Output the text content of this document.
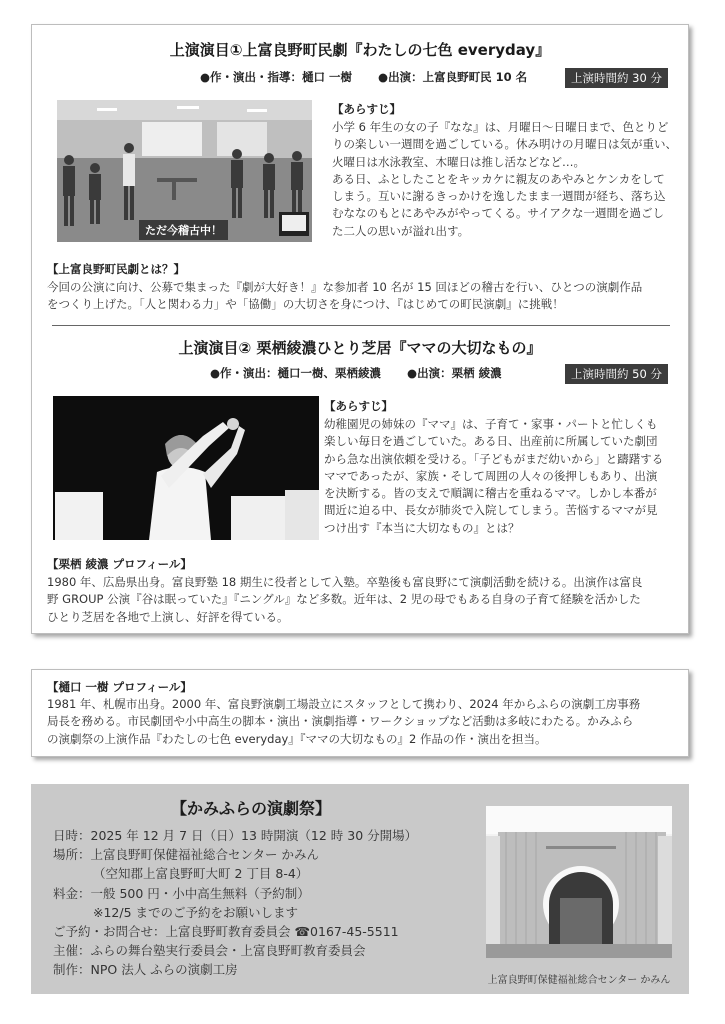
上演演目①上富良野町民劇『わたしの七色 everyday』
●作・演出・指導：樋口 一樹 ●出演：上富良野町民 10 名	上演時間約 30 分
ただ今稽古中！
【あらすじ】

小学 6 年生の女の子『なな』は、月曜日〜日曜日まで、色とりど

りの楽しい一週間を過ごしている。休み明けの月曜日は気が重い、

火曜日は水泳教室、木曜日は推し活などなど…。

ある日、ふとしたことをキッカケに親友のあやみとケンカをして

しまう。互いに謝るきっかけを逸したまま一週間が経ち、落ち込

むななのもとにあやみがやってくる。サイアクな一週間を過ごし

た二人の思いが溢れ出す。

【上富良野町民劇とは？】

今回の公演に向け、公募で集まった『劇が大好き！』な参加者 10 名が 15 回ほどの稽古を行い、ひとつの演劇作品

をつくり上げた。「人と関わる力」や「協働」の大切さを身につけ、『はじめての町民演劇』に挑戦！

上演演目② 栗栖綾濃ひとり芝居『ママの大切なもの』
●作・演出：樋口一樹、栗栖綾濃 ●出演：栗栖 綾濃	上演時間約 50 分
【あらすじ】

幼稚園児の姉妹の『ママ』は、子育て・家事・パートと忙しくも

楽しい毎日を過ごしていた。ある日、出産前に所属していた劇団

から急な出演依頼を受ける。「子どもがまだ幼いから」と躊躇する

ママであったが、家族・そして周囲の人々の後押しもあり、出演

を決断する。皆の支えで順調に稽古を重ねるママ。しかし本番が

間近に迫る中、長女が肺炎で入院してしまう。苦悩するママが見

つけ出す『本当に大切なもの』とは？

【栗栖 綾濃 プロフィール】

1980 年、広島県出身。富良野塾 18 期生に役者として入塾。卒塾後も富良野にて演劇活動を続ける。出演作は富良

野 GROUP 公演『谷は眠っていた』『ニングル』など多数。近年は、2 児の母でもある自身の子育て経験を活かした

ひとり芝居を各地で上演し、好評を得ている。

【樋口 一樹 プロフィール】

1981 年、札幌市出身。2000 年、富良野演劇工場設立にスタッフとして携わり、2024 年からふらの演劇工房事務

局長を務める。市民劇団や小中高生の脚本・演出・演劇指導・ワークショップなど活動は多岐にわたる。かみふら

の演劇祭の上演作品『わたしの七色 everyday』『ママの大切なもの』2 作品の作・演出を担当。

【かみふらの演劇祭】

日時：2025 年 12 月 7 日（日）13 時開演（12 時 30 分開場）

場所：上富良野町保健福祉総合センター かみん

（空知郡上富良野町大町 2 丁目 8-4）

料金：一般 500 円・小中高生無料（予約制）

※12/5 までのご予約をお願いします

ご予約・お問合せ：上富良野町教育委員会 ☎0167-45-5511

主催：ふらの舞台塾実行委員会・上富良野町教育委員会

制作：NPO 法人 ふらの演劇工房

上富良野町保健福祉総合センター かみん
